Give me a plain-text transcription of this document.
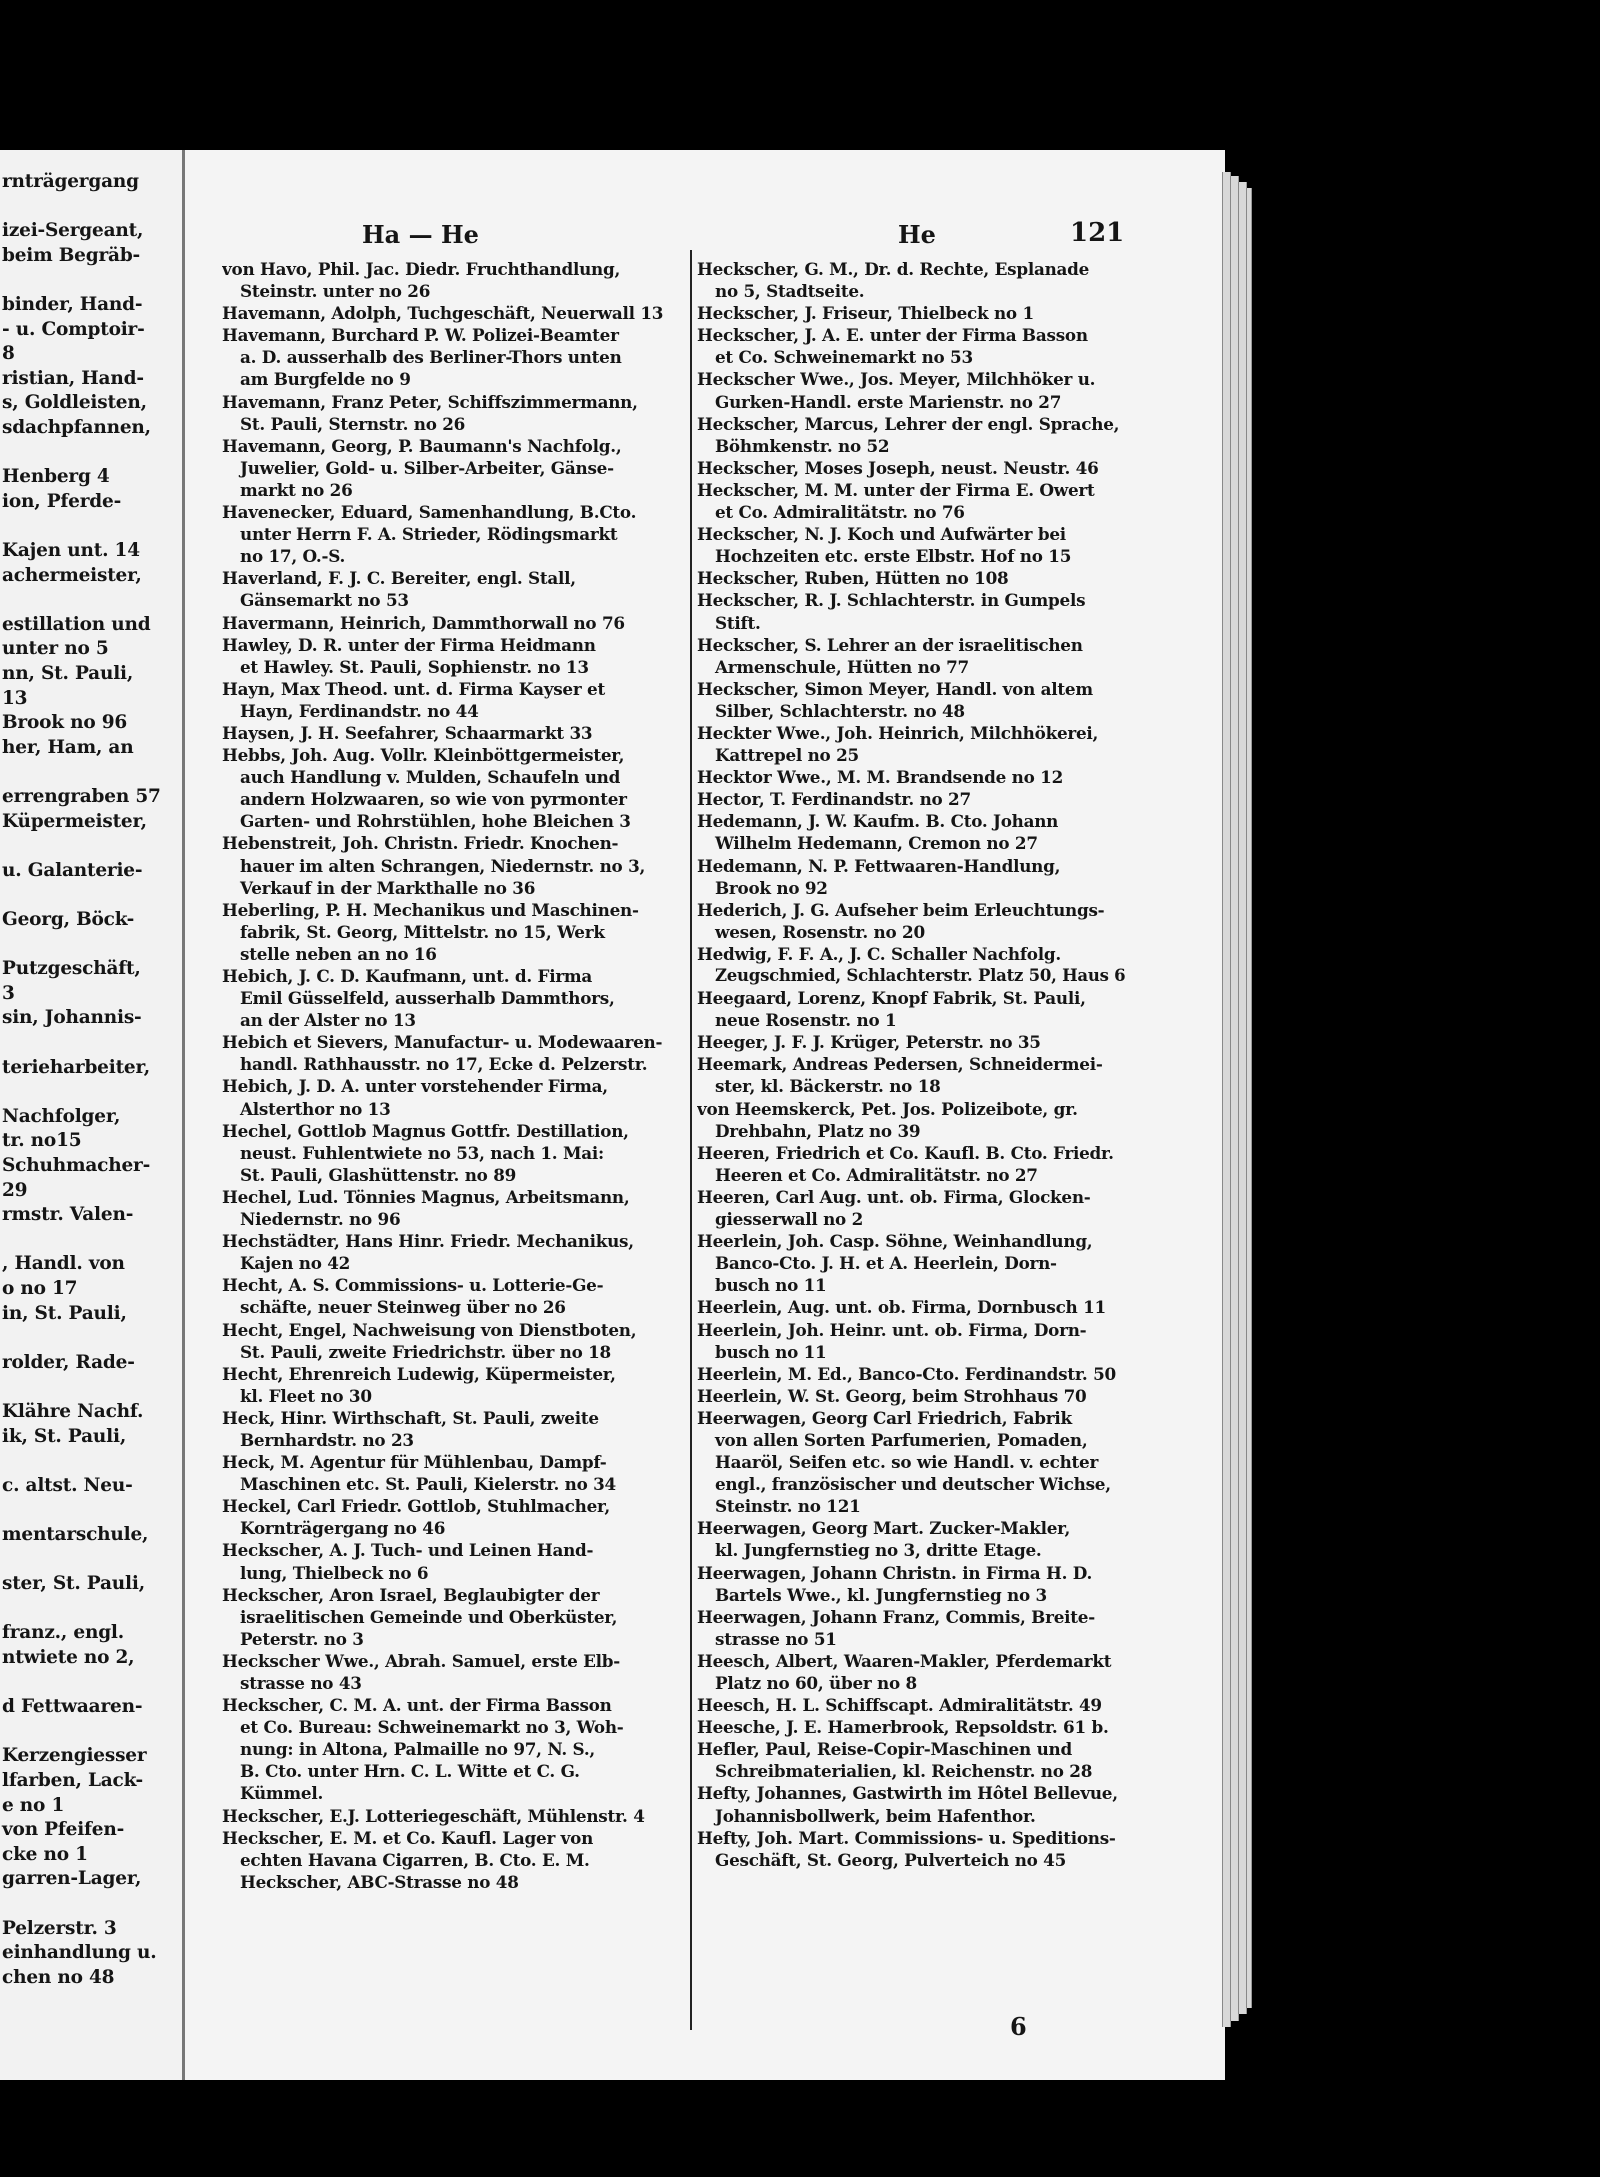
rnträgergang
izei-Sergeant,
beim Begräb-
binder, Hand-
- u. Comptoir-
8
ristian, Hand-
s, Goldleisten,
sdachpfannen,
Henberg 4
ion, Pferde-
Kajen unt. 14
achermeister,
estillation und
unter no 5
nn, St. Pauli,
13
Brook no 96
her, Ham, an
errengraben 57
Küpermeister,
u. Galanterie-
Georg, Böck-
Putzgeschäft,
3
sin, Johannis-
terieharbeiter,
Nachfolger,
tr. no15
Schuhmacher-
29
rmstr. Valen-
, Handl. von
o no 17
in, St. Pauli,
rolder, Rade-
Klähre Nachf.
ik, St. Pauli,
c. altst. Neu-
mentarschule,
ster, St. Pauli,
franz., engl.
ntwiete no 2,
d Fettwaaren-
Kerzengiesser
lfarben, Lack-
e no 1
von Pfeifen-
cke no 1
garren-Lager,
Pelzerstr. 3
einhandlung u.
chen no 48
Ha — He	He	121
von Havo, Phil. Jac. Diedr. Fruchthandlung,
Steinstr. unter no 26
Havemann, Adolph, Tuchgeschäft, Neuerwall 13
Havemann, Burchard P. W. Polizei-Beamter
a. D. ausserhalb des Berliner-Thors unten
am Burgfelde no 9
Havemann, Franz Peter, Schiffszimmermann,
St. Pauli, Sternstr. no 26
Havemann, Georg, P. Baumann's Nachfolg.,
Juwelier, Gold- u. Silber-Arbeiter, Gänse-
markt no 26
Havenecker, Eduard, Samenhandlung, B.Cto.
unter Herrn F. A. Strieder, Rödingsmarkt
no 17, O.-S.
Haverland, F. J. C. Bereiter, engl. Stall,
Gänsemarkt no 53
Havermann, Heinrich, Dammthorwall no 76
Hawley, D. R. unter der Firma Heidmann
et Hawley. St. Pauli, Sophienstr. no 13
Hayn, Max Theod. unt. d. Firma Kayser et
Hayn, Ferdinandstr. no 44
Haysen, J. H. Seefahrer, Schaarmarkt 33
Hebbs, Joh. Aug. Vollr. Kleinböttgermeister,
auch Handlung v. Mulden, Schaufeln und
andern Holzwaaren, so wie von pyrmonter
Garten- und Rohrstühlen, hohe Bleichen 3
Hebenstreit, Joh. Christn. Friedr. Knochen-
hauer im alten Schrangen, Niedernstr. no 3,
Verkauf in der Markthalle no 36
Heberling, P. H. Mechanikus und Maschinen-
fabrik, St. Georg, Mittelstr. no 15, Werk
stelle neben an no 16
Hebich, J. C. D. Kaufmann, unt. d. Firma
Emil Güsselfeld, ausserhalb Dammthors,
an der Alster no 13
Hebich et Sievers, Manufactur- u. Modewaaren-
handl. Rathhausstr. no 17, Ecke d. Pelzerstr.
Hebich, J. D. A. unter vorstehender Firma,
Alsterthor no 13
Hechel, Gottlob Magnus Gottfr. Destillation,
neust. Fuhlentwiete no 53, nach 1. Mai:
St. Pauli, Glashüttenstr. no 89
Hechel, Lud. Tönnies Magnus, Arbeitsmann,
Niedernstr. no 96
Hechstädter, Hans Hinr. Friedr. Mechanikus,
Kajen no 42
Hecht, A. S. Commissions- u. Lotterie-Ge-
schäfte, neuer Steinweg über no 26
Hecht, Engel, Nachweisung von Dienstboten,
St. Pauli, zweite Friedrichstr. über no 18
Hecht, Ehrenreich Ludewig, Küpermeister,
kl. Fleet no 30
Heck, Hinr. Wirthschaft, St. Pauli, zweite
Bernhardstr. no 23
Heck, M. Agentur für Mühlenbau, Dampf-
Maschinen etc. St. Pauli, Kielerstr. no 34
Heckel, Carl Friedr. Gottlob, Stuhlmacher,
Kornträgergang no 46
Heckscher, A. J. Tuch- und Leinen Hand-
lung, Thielbeck no 6
Heckscher, Aron Israel, Beglaubigter der
israelitischen Gemeinde und Oberküster,
Peterstr. no 3
Heckscher Wwe., Abrah. Samuel, erste Elb-
strasse no 43
Heckscher, C. M. A. unt. der Firma Basson
et Co. Bureau: Schweinemarkt no 3, Woh-
nung: in Altona, Palmaille no 97, N. S.,
B. Cto. unter Hrn. C. L. Witte et C. G.
Kümmel.
Heckscher, E.J. Lotteriegeschäft, Mühlenstr. 4
Heckscher, E. M. et Co. Kaufl. Lager von
echten Havana Cigarren, B. Cto. E. M.
Heckscher, ABC-Strasse no 48
Heckscher, G. M., Dr. d. Rechte, Esplanade
no 5, Stadtseite.
Heckscher, J. Friseur, Thielbeck no 1
Heckscher, J. A. E. unter der Firma Basson
et Co. Schweinemarkt no 53
Heckscher Wwe., Jos. Meyer, Milchhöker u.
Gurken-Handl. erste Marienstr. no 27
Heckscher, Marcus, Lehrer der engl. Sprache,
Böhmkenstr. no 52
Heckscher, Moses Joseph, neust. Neustr. 46
Heckscher, M. M. unter der Firma E. Owert
et Co. Admiralitätstr. no 76
Heckscher, N. J. Koch und Aufwärter bei
Hochzeiten etc. erste Elbstr. Hof no 15
Heckscher, Ruben, Hütten no 108
Heckscher, R. J. Schlachterstr. in Gumpels
Stift.
Heckscher, S. Lehrer an der israelitischen
Armenschule, Hütten no 77
Heckscher, Simon Meyer, Handl. von altem
Silber, Schlachterstr. no 48
Heckter Wwe., Joh. Heinrich, Milchhökerei,
Kattrepel no 25
Hecktor Wwe., M. M. Brandsende no 12
Hector, T. Ferdinandstr. no 27
Hedemann, J. W. Kaufm. B. Cto. Johann
Wilhelm Hedemann, Cremon no 27
Hedemann, N. P. Fettwaaren-Handlung,
Brook no 92
Hederich, J. G. Aufseher beim Erleuchtungs-
wesen, Rosenstr. no 20
Hedwig, F. F. A., J. C. Schaller Nachfolg.
Zeugschmied, Schlachterstr. Platz 50, Haus 6
Heegaard, Lorenz, Knopf Fabrik, St. Pauli,
neue Rosenstr. no 1
Heeger, J. F. J. Krüger, Peterstr. no 35
Heemark, Andreas Pedersen, Schneidermei-
ster, kl. Bäckerstr. no 18
von Heemskerck, Pet. Jos. Polizeibote, gr.
Drehbahn, Platz no 39
Heeren, Friedrich et Co. Kaufl. B. Cto. Friedr.
Heeren et Co. Admiralitätstr. no 27
Heeren, Carl Aug. unt. ob. Firma, Glocken-
giesserwall no 2
Heerlein, Joh. Casp. Söhne, Weinhandlung,
Banco-Cto. J. H. et A. Heerlein, Dorn-
busch no 11
Heerlein, Aug. unt. ob. Firma, Dornbusch 11
Heerlein, Joh. Heinr. unt. ob. Firma, Dorn-
busch no 11
Heerlein, M. Ed., Banco-Cto. Ferdinandstr. 50
Heerlein, W. St. Georg, beim Strohhaus 70
Heerwagen, Georg Carl Friedrich, Fabrik
von allen Sorten Parfumerien, Pomaden,
Haaröl, Seifen etc. so wie Handl. v. echter
engl., französischer und deutscher Wichse,
Steinstr. no 121
Heerwagen, Georg Mart. Zucker-Makler,
kl. Jungfernstieg no 3, dritte Etage.
Heerwagen, Johann Christn. in Firma H. D.
Bartels Wwe., kl. Jungfernstieg no 3
Heerwagen, Johann Franz, Commis, Breite-
strasse no 51
Heesch, Albert, Waaren-Makler, Pferdemarkt
Platz no 60, über no 8
Heesch, H. L. Schiffscapt. Admiralitätstr. 49
Heesche, J. E. Hamerbrook, Repsoldstr. 61 b.
Hefler, Paul, Reise-Copir-Maschinen und
Schreibmaterialien, kl. Reichenstr. no 28
Hefty, Johannes, Gastwirth im Hôtel Bellevue,
Johannisbollwerk, beim Hafenthor.
Hefty, Joh. Mart. Commissions- u. Speditions-
Geschäft, St. Georg, Pulverteich no 45
6
